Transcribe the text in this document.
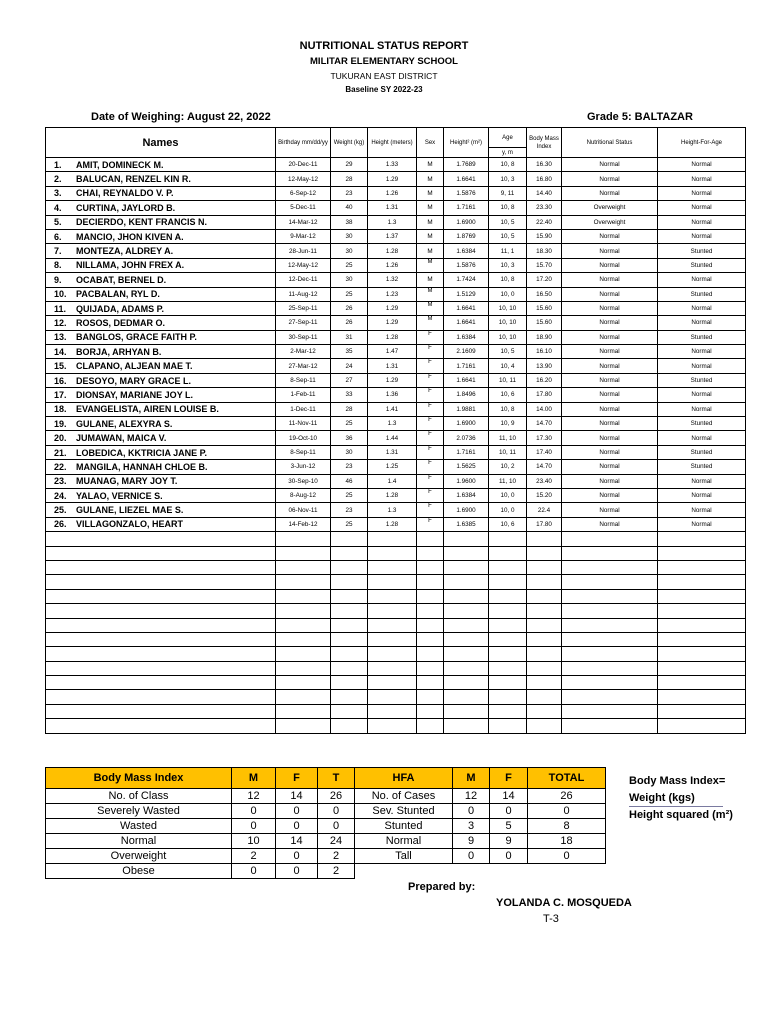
NUTRITIONAL STATUS REPORT
MILITAR ELEMENTARY SCHOOL
TUKURAN EAST DISTRICT
Baseline SY 2022-23
Date of Weighing: August 22, 2022	Grade 5: BALTAZAR
Names	Birthday mm/dd/yy	Weight (kg)	Height (meters)	Sex	Height² (m²)	Age	Body Mass Index	Nutritional Status	Height-For-Age
						y, m			
1. AMIT, DOMINECK M.	20-Dec-11	29	1.33	M	1.7689	10, 8	16.30	Normal	Normal
2. BALUCAN, RENZEL KIN R.	12-May-12	28	1.29	M	1.6641	10, 3	16.80	Normal	Normal
3. CHAI, REYNALDO V. P.	6-Sep-12	23	1.26	M	1.5876	9, 11	14.40	Normal	Normal
4. CURTINA, JAYLORD B.	5-Dec-11	40	1.31	M	1.7161	10, 8	23.30	Overweight	Normal
5. DECIERDO, KENT FRANCIS N.	14-Mar-12	38	1.3	M	1.6900	10, 5	22.40	Overweight	Normal
6. MANCIO, JHON KIVEN A.	9-Mar-12	30	1.37	M	1.8769	10, 5	15.90	Normal	Normal
7. MONTEZA, ALDREY A.	28-Jun-11	30	1.28	M	1.6384	11, 1	18.30	Normal	Stunted
8. NILLAMA, JOHN FREX A.	12-May-12	25	1.26	M	1.5876	10, 3	15.70	Normal	Stunted
9. OCABAT, BERNEL D.	12-Dec-11	30	1.32	M	1.7424	10, 8	17.20	Normal	Normal
10. PACBALAN, RYL D.	11-Aug-12	25	1.23	M	1.5129	10, 0	16.50	Normal	Stunted
11. QUIJADA, ADAMS P.	25-Sep-11	26	1.29	M	1.6641	10, 10	15.60	Normal	Normal
12. ROSOS, DEDMAR O.	27-Sep-11	26	1.29	M	1.6641	10, 10	15.60	Normal	Normal
13. BANGLOS, GRACE FAITH P.	30-Sep-11	31	1.28	F	1.6384	10, 10	18.90	Normal	Stunted
14. BORJA, ARHYAN B.	2-Mar-12	35	1.47	F	2.1609	10, 5	16.10	Normal	Normal
15. CLAPANO, ALJEAN MAE T.	27-Mar-12	24	1.31	F	1.7161	10, 4	13.90	Normal	Normal
16. DESOYO, MARY GRACE L.	8-Sep-11	27	1.29	F	1.6641	10, 11	16.20	Normal	Stunted
17. DIONSAY, MARIANE JOY L.	1-Feb-11	33	1.36	F	1.8496	10, 6	17.80	Normal	Normal
18. EVANGELISTA, AIREN LOUISE B.	1-Dec-11	28	1.41	F	1.9881	10, 8	14.00	Normal	Normal
19. GULANE, ALEXYRA S.	11-Nov-11	25	1.3	F	1.6900	10, 9	14.70	Normal	Stunted
20. JUMAWAN, MAICA V.	19-Oct-10	36	1.44	F	2.0736	11, 10	17.30	Normal	Normal
21. LOBEDICA, KKTRICIA JANE P.	8-Sep-11	30	1.31	F	1.7161	10, 11	17.40	Normal	Stunted
22. MANGILA, HANNAH CHLOE B.	3-Jun-12	23	1.25	F	1.5625	10, 2	14.70	Normal	Stunted
23. MUANAG, MARY JOY T.	30-Sep-10	46	1.4	F	1.9600	11, 10	23.40	Normal	Normal
24. YALAO, VERNICE S.	8-Aug-12	25	1.28	F	1.6384	10, 0	15.20	Normal	Normal
25. GULANE, LIEZEL MAE S.	06-Nov-11	23	1.3	F	1.6900	10, 0	22.4	Normal	Normal
26. VILLAGONZALO, HEART	14-Feb-12	25	1.28	F	1.6385	10, 6	17.80	Normal	Normal

Body Mass Index	M	F	T	HFA	M	F	TOTAL
No. of Class	12	14	26	No. of Cases	12	14	26
Severely Wasted	0	0	0	Sev. Stunted	0	0	0
Wasted	0	0	0	Stunted	3	5	8
Normal	10	14	24	Normal	9	9	18
Overweight	2	0	2	Tall	0	0	0
Obese	0	0	2				
Body Mass Index=
Weight (kgs)
Height squared (m²)
Prepared by:
YOLANDA C. MOSQUEDA
T-3
